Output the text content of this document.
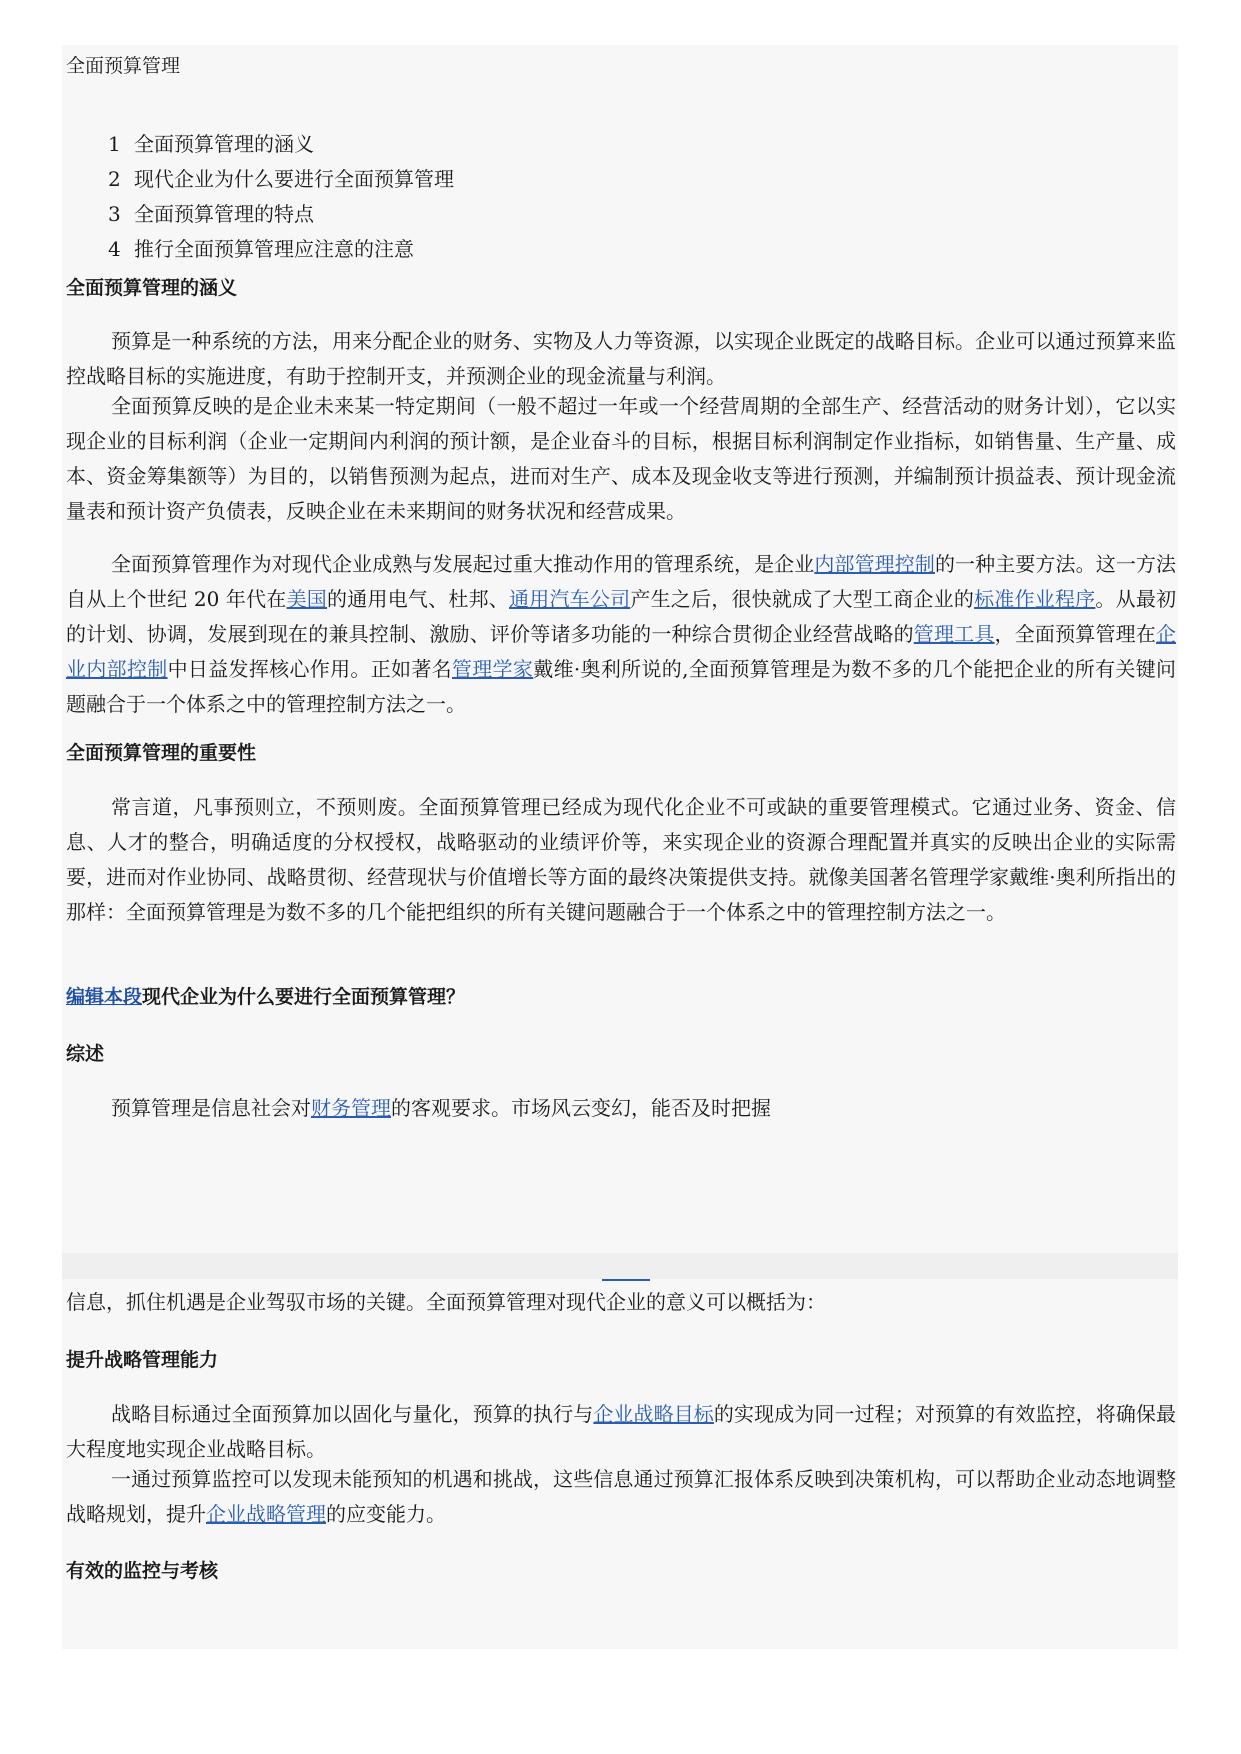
全面预算管理
1 全面预算管理的涵义
2 现代企业为什么要进行全面预算管理
3 全面预算管理的特点
4 推行全面预算管理应注意的注意
全面预算管理的涵义

预算是一种系统的方法，用来分配企业的财务、实物及人力等资源，以实现企业既定的战略目标。企业可以通过预算来监控战略目标的实施进度，有助于控制开支，并预测企业的现金流量与利润。

全面预算反映的是企业未来某一特定期间（一般不超过一年或一个经营周期的全部生产、经营活动的财务计划），它以实现企业的目标利润（企业一定期间内利润的预计额，是企业奋斗的目标，根据目标利润制定作业指标，如销售量、生产量、成本、资金筹集额等）为目的，以销售预测为起点，进而对生产、成本及现金收支等进行预测，并编制预计损益表、预计现金流量表和预计资产负债表，反映企业在未来期间的财务状况和经营成果。

全面预算管理作为对现代企业成熟与发展起过重大推动作用的管理系统，是企业内部管理控制的一种主要方法。这一方法自从上个世纪 20 年代在美国的通用电气、杜邦、通用汽车公司产生之后，很快就成了大型工商企业的标准作业程序。从最初的计划、协调，发展到现在的兼具控制、激励、评价等诸多功能的一种综合贯彻企业经营战略的管理工具，全面预算管理在企业内部控制中日益发挥核心作用。正如著名管理学家戴维·奥利所说的,全面预算管理是为数不多的几个能把企业的所有关键问题融合于一个体系之中的管理控制方法之一。

全面预算管理的重要性

常言道，凡事预则立，不预则废。全面预算管理已经成为现代化企业不可或缺的重要管理模式。它通过业务、资金、信息、人才的整合，明确适度的分权授权，战略驱动的业绩评价等，来实现企业的资源合理配置并真实的反映出企业的实际需要，进而对作业协同、战略贯彻、经营现状与价值增长等方面的最终决策提供支持。就像美国著名管理学家戴维·奥利所指出的那样：全面预算管理是为数不多的几个能把组织的所有关键问题融合于一个体系之中的管理控制方法之一。

编辑本段现代企业为什么要进行全面预算管理？
综述

预算管理是信息社会对财务管理的客观要求。市场风云变幻，能否及时把握

信息，抓住机遇是企业驾驭市场的关键。全面预算管理对现代企业的意义可以概括为：

提升战略管理能力

战略目标通过全面预算加以固化与量化，预算的执行与企业战略目标的实现成为同一过程；对预算的有效监控，将确保最大程度地实现企业战略目标。

一通过预算监控可以发现未能预知的机遇和挑战，这些信息通过预算汇报体系反映到决策机构，可以帮助企业动态地调整战略规划，提升企业战略管理的应变能力。

有效的监控与考核
